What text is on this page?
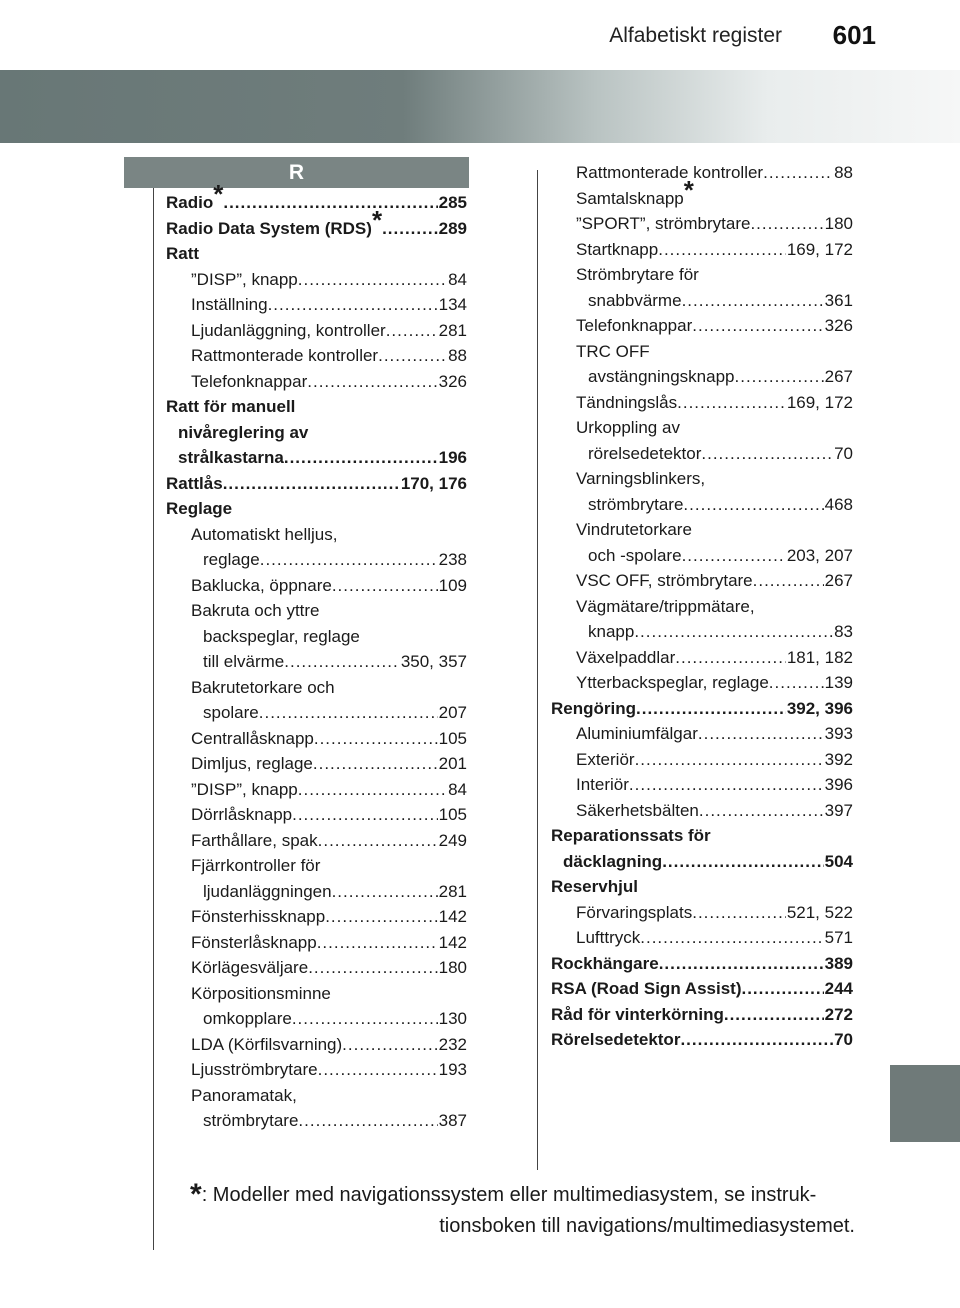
Alfabetiskt register 601
R
Radio* .....	285
Radio Data System (RDS)* .....	289
Ratt
”DISP”, knapp .....	84
Inställning .....	134
Ljudanläggning, kontroller .....	281
Rattmonterade kontroller .....	88
Telefonknappar .....	326
Ratt för manuell
nivåreglering av
strålkastarna .....	196
Rattlås .....	170, 176
Reglage
Automatiskt helljus,
reglage .....	238
Baklucka, öppnare .....	109
Bakruta och yttre
backspeglar, reglage
till elvärme .....	350, 357
Bakrutetorkare och
spolare .....	207
Centrallåsknapp .....	105
Dimljus, reglage .....	201
”DISP”, knapp .....	84
Dörrlåsknapp .....	105
Farthållare, spak .....	249
Fjärrkontroller för
ljudanläggningen .....	281
Fönsterhissknapp .....	142
Fönsterlåsknapp .....	142
Körlägesväljare .....	180
Körpositionsminne
omkopplare .....	130
LDA (Körfilsvarning) .....	232
Ljusströmbrytare .....	193
Panoramatak,
strömbrytare .....	387
Rattmonterade kontroller .....	88
Samtalsknapp*
”SPORT”, strömbrytare .....	180
Startknapp .....	169, 172
Strömbrytare för
snabbvärme .....	361
Telefonknappar .....	326
TRC OFF
avstängningsknapp .....	267
Tändningslås .....	169, 172
Urkoppling av
rörelsedetektor .....	70
Varningsblinkers,
strömbrytare .....	468
Vindrutetorkare
och -spolare .....	203, 207
VSC OFF, strömbrytare .....	267
Vägmätare/trippmätare,
knapp .....	83
Växelpaddlar .....	181, 182
Ytterbackspeglar, reglage .....	139
Rengöring .....	392, 396
Aluminiumfälgar .....	393
Exteriör .....	392
Interiör .....	396
Säkerhetsbälten .....	397
Reparationssats för
däcklagning .....	504
Reservhjul
Förvaringsplats .....	521, 522
Lufttryck .....	571
Rockhängare .....	389
RSA (Road Sign Assist) .....	244
Råd för vinterkörning .....	272
Rörelsedetektor .....	70
*: Modeller med navigationssystem eller multimediasystem, se instruk-
tionsboken till navigations/multimediasystemet.
